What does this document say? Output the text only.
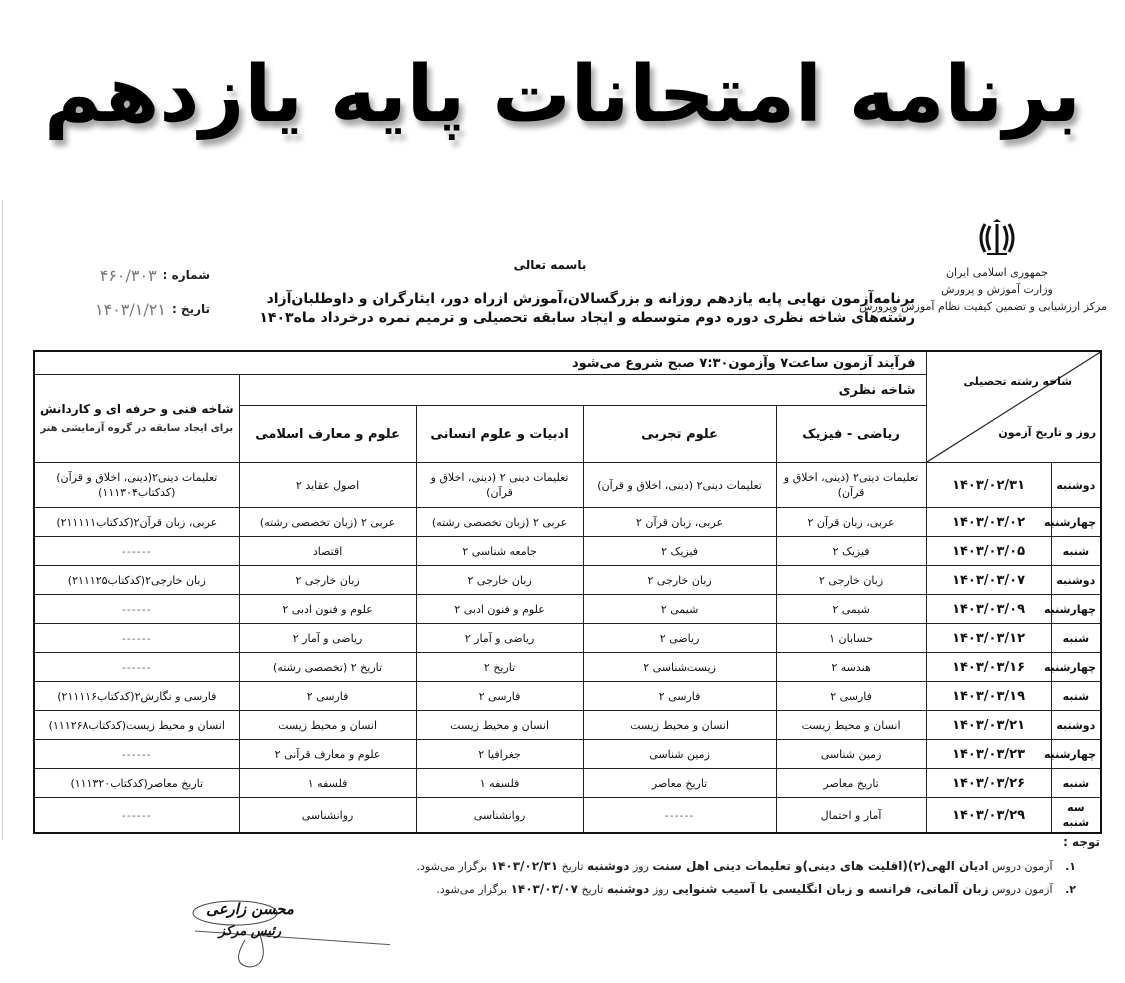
برنامه امتحانات پایه یازدهم
جمهوری اسلامی ایران
وزارت آموزش و پرورش
مرکز ارزشیابی و تضمین کیفیت نظام آموزش وپرورش
باسمه تعالی
برنامه‌آزمون نهایی پایه یازدهم روزانه و بزرگسالان،آموزش ازراه دور، ایثارگران و داوطلبان‌آزاد
رشته‌های شاخه نظری دوره دوم متوسطه و ایجاد سابقه تحصیلی و ترمیم نمره درخرداد ماه۱۴۰۳
شماره :
۴۶۰/۳۰۳
تاریخ :
۱۴۰۳/۱/۲۱
شاخه رشته تحصیلی
روز و تاریخ آزمون		فرآیند آزمون ساعت۷ وآزمون۷:۳۰ صبح شروع می‌شود				
		شاخه نظری				شاخه فنی و حرفه ای و کاردانش
برای ایجاد سابقه در گروه آزمایشی هنر

		ریاضی - فیزیک	علوم تجربی	ادبیات و علوم انسانی	علوم و معارف اسلامی	
دوشنبه	۱۴۰۳/۰۲/۳۱	تعلیمات دینی۲ (دینی، اخلاق و قرآن)	تعلیمات دینی۲ (دینی، اخلاق و قرآن)	تعلیمات دینی ۲ (دینی، اخلاق و قرآن)	اصول عقاید ۲	تعلیمات دینی۲(دینی، اخلاق و قرآن)(کدکتاب۱۱۱۳۰۴)
چهارشنبه	۱۴۰۳/۰۳/۰۲	عربی، زبان قرآن ۲	عربی، زبان قرآن ۲	عربی ۲ (زبان تخصصی رشته)	عربی ۲ (زبان تخصصی رشته)	عربی، زبان قرآن۲(کدکتاب۲۱۱۱۱۱)
شنبه	۱۴۰۳/۰۳/۰۵	فیزیک ۲	فیزیک ۲	جامعه شناسی ۲	اقتصاد	------
دوشنبه	۱۴۰۳/۰۳/۰۷	زبان خارجی ۲	زبان خارجی ۲	زبان خارجی ۲	زبان خارجی ۲	زبان خارجی۲(کدکتاب۲۱۱۱۲۵)
چهارشنبه	۱۴۰۳/۰۳/۰۹	شیمی ۲	شیمی ۲	علوم و فنون ادبی ۲	علوم و فنون ادبی ۲	------
شنبه	۱۴۰۳/۰۳/۱۲	حسابان ۱	ریاضی ۲	ریاضی و آمار ۲	ریاضی و آمار ۲	------
چهارشنبه	۱۴۰۳/۰۳/۱۶	هندسه ۲	زیست‌شناسی ۲	تاریخ ۲	تاریخ ۲ (تخصصی رشته)	------
شنبه	۱۴۰۳/۰۳/۱۹	فارسی ۲	فارسی ۲	فارسی ۲	فارسی ۲	فارسی و نگارش۲(کدکتاب۲۱۱۱۱۶)
دوشنبه	۱۴۰۳/۰۳/۲۱	انسان و محیط زیست	انسان و محیط زیست	انسان و محیط زیست	انسان و محیط زیست	انسان و محیط زیست(کدکتاب۱۱۱۲۶۸)
چهارشنبه	۱۴۰۳/۰۳/۲۳	زمین شناسی	زمین شناسی	جغرافیا ۲	علوم و معارف قرآنی ۲	------
شنبه	۱۴۰۳/۰۳/۲۶	تاریخ معاصر	تاریخ معاصر	فلسفه ۱	فلسفه ۱	تاریخ معاصر(کدکتاب۱۱۱۳۲۰)
سه شنبه	۱۴۰۳/۰۳/۲۹	آمار و احتمال	------	روانشناسی	روانشناسی	------
توجه :
۱. آزمون دروس ادیان الهی(۲)(اقلیت های دینی)و تعلیمات دینی اهل سنت روز دوشنبه تاریخ ۱۴۰۳/۰۲/۳۱ برگزار می‌شود.
۲. آزمون دروس زبان آلمانی، فرانسه و زبان انگلیسی با آسیب شنوایی روز دوشنبه تاریخ ۱۴۰۳/۰۳/۰۷ برگزار می‌شود.
محسن زارعی
رئیس مرکز
